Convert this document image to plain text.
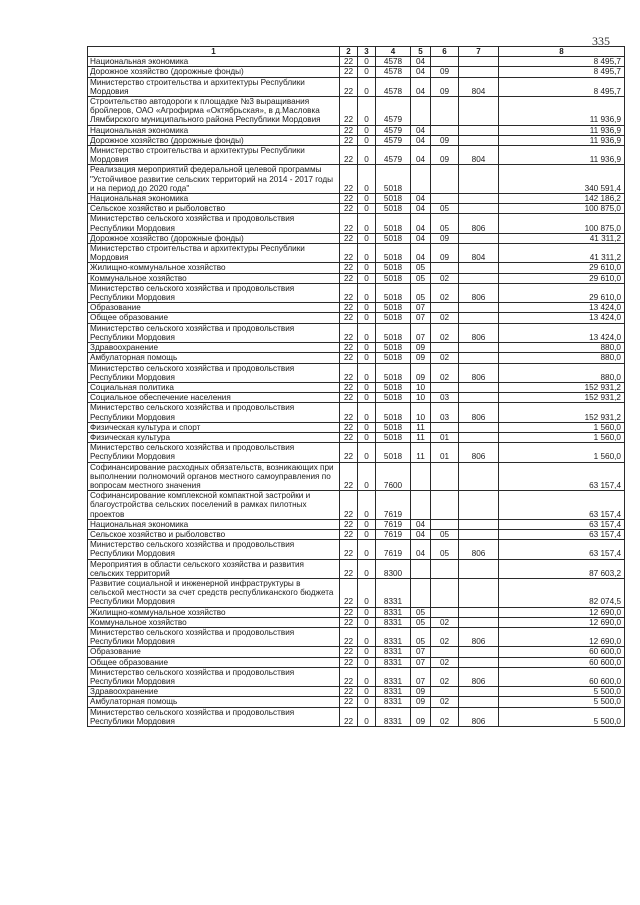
335
1	2	3	4	5	6	7	8
Национальная экономика	22	0	4578	04			8 495,7
Дорожное хозяйство (дорожные фонды)	22	0	4578	04	09		8 495,7
Министерство строительства и архитектуры Республики Мордовия	22	0	4578	04	09	804	8 495,7
Строительство автодороги к площадке №3 выращивания бройлеров, ОАО «Агрофирма «Октябрьская», в д.Масловка Лямбирского муниципального района Республики Мордовия	22	0	4579				11 936,9
Национальная экономика	22	0	4579	04			11 936,9
Дорожное хозяйство (дорожные фонды)	22	0	4579	04	09		11 936,9
Министерство строительства и архитектуры Республики Мордовия	22	0	4579	04	09	804	11 936,9
Реализация мероприятий федеральной целевой программы "Устойчивое развитие сельских территорий на 2014 - 2017 годы и на период до 2020 года"	22	0	5018				340 591,4
Национальная экономика	22	0	5018	04			142 186,2
Сельское хозяйство и рыболовство	22	0	5018	04	05		100 875,0
Министерство сельского хозяйства и продовольствия Республики Мордовия	22	0	5018	04	05	806	100 875,0
Дорожное хозяйство (дорожные фонды)	22	0	5018	04	09		41 311,2
Министерство строительства и архитектуры Республики Мордовия	22	0	5018	04	09	804	41 311,2
Жилищно-коммунальное хозяйство	22	0	5018	05			29 610,0
Коммунальное хозяйство	22	0	5018	05	02		29 610,0
Министерство сельского хозяйства и продовольствия Республики Мордовия	22	0	5018	05	02	806	29 610,0
Образование	22	0	5018	07			13 424,0
Общее образование	22	0	5018	07	02		13 424,0
Министерство сельского хозяйства и продовольствия Республики Мордовия	22	0	5018	07	02	806	13 424,0
Здравоохранение	22	0	5018	09			880,0
Амбулаторная помощь	22	0	5018	09	02		880,0
Министерство сельского хозяйства и продовольствия Республики Мордовия	22	0	5018	09	02	806	880,0
Социальная политика	22	0	5018	10			152 931,2
Социальное обеспечение населения	22	0	5018	10	03		152 931,2
Министерство сельского хозяйства и продовольствия Республики Мордовия	22	0	5018	10	03	806	152 931,2
Физическая культура и спорт	22	0	5018	11			1 560,0
Физическая культура	22	0	5018	11	01		1 560,0
Министерство сельского хозяйства и продовольствия Республики Мордовия	22	0	5018	11	01	806	1 560,0
Софинансирование расходных обязательств, возникающих при выполнении полномочий органов местного самоуправления по вопросам местного значения	22	0	7600				63 157,4
Софинансирование комплексной компактной застройки и благоустройства сельских поселений в рамках пилотных проектов	22	0	7619				63 157,4
Национальная экономика	22	0	7619	04			63 157,4
Сельское хозяйство и рыболовство	22	0	7619	04	05		63 157,4
Министерство сельского хозяйства и продовольствия Республики Мордовия	22	0	7619	04	05	806	63 157,4
Мероприятия в области сельского хозяйства и развития сельских территорий	22	0	8300				87 603,2
Развитие социальной и инженерной инфраструктуры в сельской местности за счет средств республиканского бюджета Республики Мордовия	22	0	8331				82 074,5
Жилищно-коммунальное хозяйство	22	0	8331	05			12 690,0
Коммунальное хозяйство	22	0	8331	05	02		12 690,0
Министерство сельского хозяйства и продовольствия Республики Мордовия	22	0	8331	05	02	806	12 690,0
Образование	22	0	8331	07			60 600,0
Общее образование	22	0	8331	07	02		60 600,0
Министерство сельского хозяйства и продовольствия Республики Мордовия	22	0	8331	07	02	806	60 600,0
Здравоохранение	22	0	8331	09			5 500,0
Амбулаторная помощь	22	0	8331	09	02		5 500,0
Министерство сельского хозяйства и продовольствия Республики Мордовия	22	0	8331	09	02	806	5 500,0
